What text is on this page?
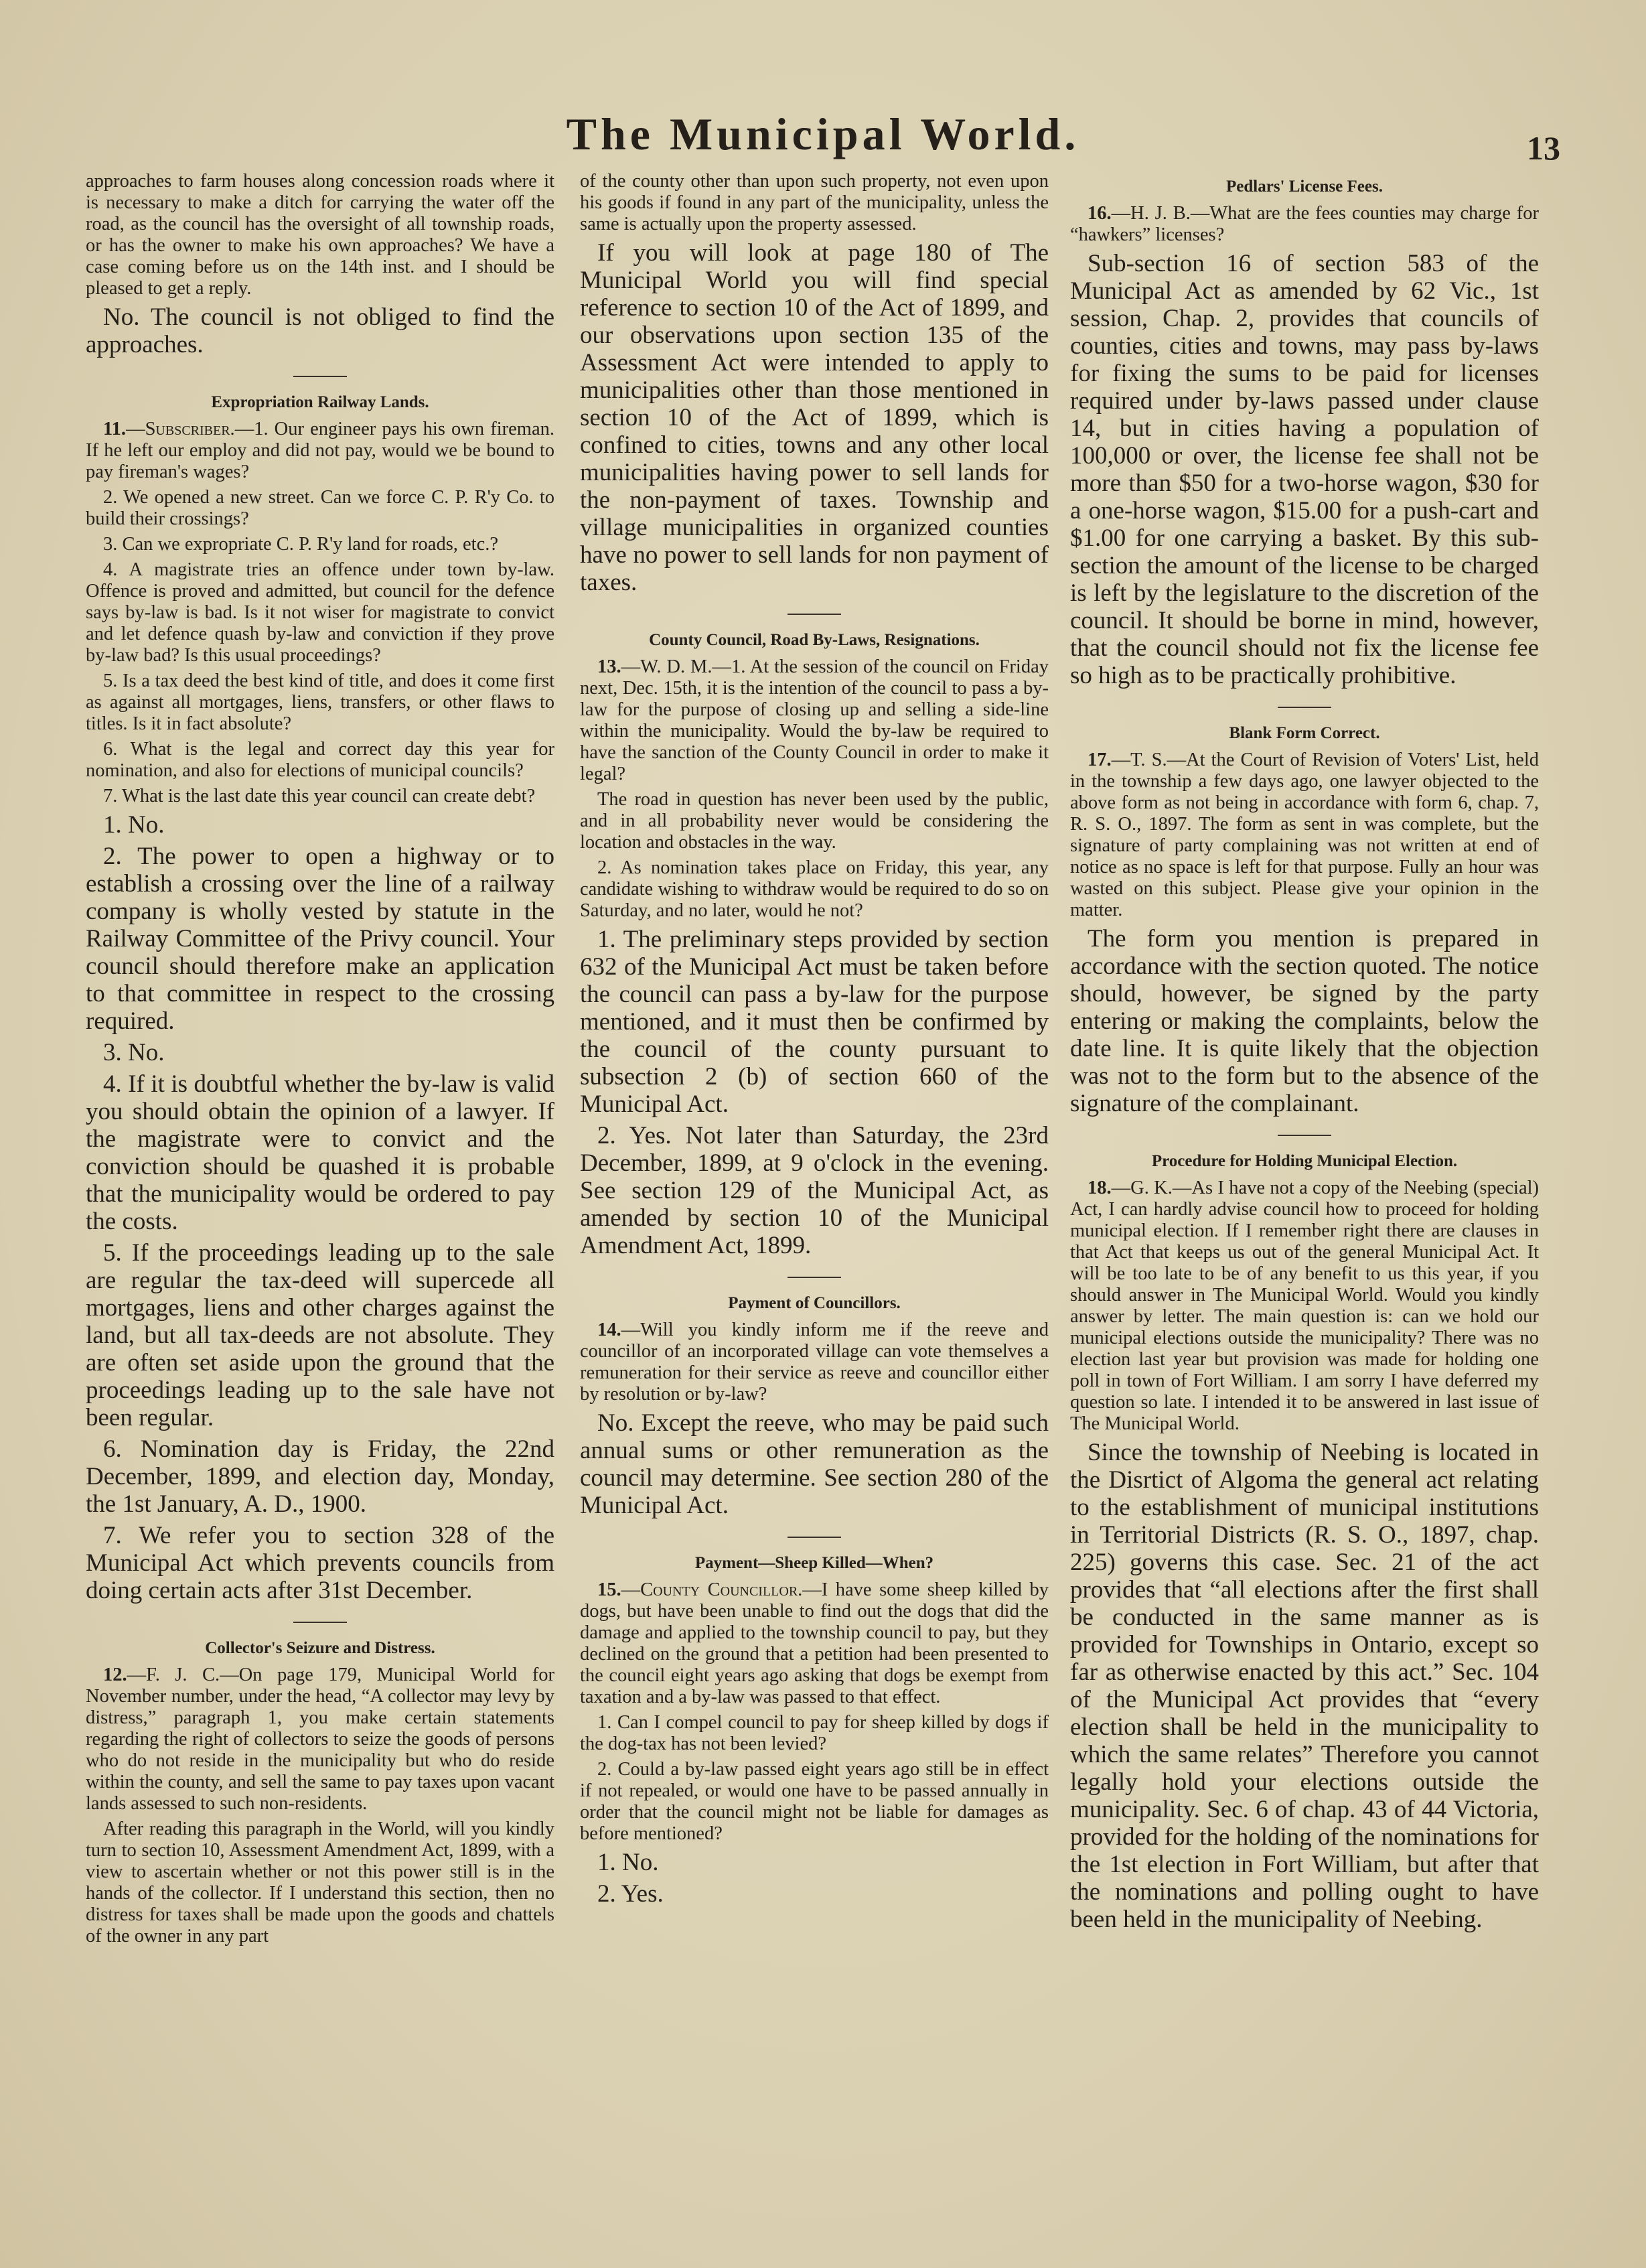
The Municipal World.	13

approaches to farm houses along concession roads where it is necessary to make a ditch for carrying the water off the road, as the council has the oversight of all township roads, or has the owner to make his own approaches? We have a case coming before us on the 14th inst. and I should be pleased to get a reply.

No. The council is not obliged to find the approaches.

Expropriation Railway Lands.

11.—Subscriber.—1. Our engineer pays his own fireman. If he left our employ and did not pay, would we be bound to pay fireman's wages?

2. We opened a new street. Can we force C. P. R'y Co. to build their crossings?

3. Can we expropriate C. P. R'y land for roads, etc.?

4. A magistrate tries an offence under town by-law. Offence is proved and admitted, but council for the defence says by-law is bad. Is it not wiser for magistrate to convict and let defence quash by-law and conviction if they prove by-law bad? Is this usual proceedings?

5. Is a tax deed the best kind of title, and does it come first as against all mortgages, liens, transfers, or other flaws to titles. Is it in fact absolute?

6. What is the legal and correct day this year for nomination, and also for elections of municipal councils?

7. What is the last date this year council can create debt?

1. No.

2. The power to open a highway or to establish a crossing over the line of a railway company is wholly vested by statute in the Railway Committee of the Privy council. Your council should therefore make an application to that committee in respect to the crossing required.

3. No.

4. If it is doubtful whether the by-law is valid you should obtain the opinion of a lawyer. If the magistrate were to convict and the conviction should be quashed it is probable that the municipality would be ordered to pay the costs.

5. If the proceedings leading up to the sale are regular the tax-deed will supercede all mortgages, liens and other charges against the land, but all tax-deeds are not absolute. They are often set aside upon the ground that the proceedings leading up to the sale have not been regular.

6. Nomination day is Friday, the 22nd December, 1899, and election day, Monday, the 1st January, A. D., 1900.

7. We refer you to section 328 of the Municipal Act which prevents councils from doing certain acts after 31st December.

Collector's Seizure and Distress.

12.—F. J. C.—On page 179, Municipal World for November number, under the head, “A collector may levy by distress,” paragraph 1, you make certain statements regarding the right of collectors to seize the goods of persons who do not reside in the municipality but who do reside within the county, and sell the same to pay taxes upon vacant lands assessed to such non-residents.

After reading this paragraph in the World, will you kindly turn to section 10, Assessment Amendment Act, 1899, with a view to ascertain whether or not this power still is in the hands of the collector. If I understand this section, then no distress for taxes shall be made upon the goods and chattels of the owner in any part

of the county other than upon such property, not even upon his goods if found in any part of the municipality, unless the same is actually upon the property assessed.

If you will look at page 180 of The Municipal World you will find special reference to section 10 of the Act of 1899, and our observations upon section 135 of the Assessment Act were intended to apply to municipalities other than those mentioned in section 10 of the Act of 1899, which is confined to cities, towns and any other local municipalities having power to sell lands for the non-payment of taxes. Township and village municipalities in organized counties have no power to sell lands for non payment of taxes.

County Council, Road By-Laws, Resignations.

13.—W. D. M.—1. At the session of the council on Friday next, Dec. 15th, it is the intention of the council to pass a by-law for the purpose of closing up and selling a side-line within the municipality. Would the by-law be required to have the sanction of the County Council in order to make it legal?

The road in question has never been used by the public, and in all probability never would be considering the location and obstacles in the way.

2. As nomination takes place on Friday, this year, any candidate wishing to withdraw would be required to do so on Saturday, and no later, would he not?

1. The preliminary steps provided by section 632 of the Municipal Act must be taken before the council can pass a by-law for the purpose mentioned, and it must then be confirmed by the council of the county pursuant to subsection 2 (b) of section 660 of the Municipal Act.

2. Yes. Not later than Saturday, the 23rd December, 1899, at 9 o'clock in the evening. See section 129 of the Municipal Act, as amended by section 10 of the Municipal Amendment Act, 1899.

Payment of Councillors.

14.—Will you kindly inform me if the reeve and councillor of an incorporated village can vote themselves a remuneration for their service as reeve and councillor either by resolution or by-law?

No. Except the reeve, who may be paid such annual sums or other remuneration as the council may determine. See section 280 of the Municipal Act.

Payment—Sheep Killed—When?

15.—County Councillor.—I have some sheep killed by dogs, but have been unable to find out the dogs that did the damage and applied to the township council to pay, but they declined on the ground that a petition had been presented to the council eight years ago asking that dogs be exempt from taxation and a by-law was passed to that effect.

1. Can I compel council to pay for sheep killed by dogs if the dog-tax has not been levied?

2. Could a by-law passed eight years ago still be in effect if not repealed, or would one have to be passed annually in order that the council might not be liable for damages as before mentioned?

1. No.

2. Yes.

Pedlars' License Fees.

16.—H. J. B.—What are the fees counties may charge for “hawkers” licenses?

Sub-section 16 of section 583 of the Municipal Act as amended by 62 Vic., 1st session, Chap. 2, provides that councils of counties, cities and towns, may pass by-laws for fixing the sums to be paid for licenses required under by-laws passed under clause 14, but in cities having a population of 100,000 or over, the license fee shall not be more than $50 for a two-horse wagon, $30 for a one-horse wagon, $15.00 for a push-cart and $1.00 for one carrying a basket. By this sub-section the amount of the license to be charged is left by the legislature to the discretion of the council. It should be borne in mind, however, that the council should not fix the license fee so high as to be practically prohibitive.

Blank Form Correct.

17.—T. S.—At the Court of Revision of Voters' List, held in the township a few days ago, one lawyer objected to the above form as not being in accordance with form 6, chap. 7, R. S. O., 1897. The form as sent in was complete, but the signature of party complaining was not written at end of notice as no space is left for that purpose. Fully an hour was wasted on this subject. Please give your opinion in the matter.

The form you mention is prepared in accordance with the section quoted. The notice should, however, be signed by the party entering or making the complaints, below the date line. It is quite likely that the objection was not to the form but to the absence of the signature of the complainant.

Procedure for Holding Municipal Election.

18.—G. K.—As I have not a copy of the Neebing (special) Act, I can hardly advise council how to proceed for holding municipal election. If I remember right there are clauses in that Act that keeps us out of the general Municipal Act. It will be too late to be of any benefit to us this year, if you should answer in The Municipal World. Would you kindly answer by letter. The main question is: can we hold our municipal elections outside the municipality? There was no election last year but provision was made for holding one poll in town of Fort William. I am sorry I have deferred my question so late. I intended it to be answered in last issue of The Municipal World.

Since the township of Neebing is located in the Disrtict of Algoma the general act relating to the establishment of municipal institutions in Territorial Districts (R. S. O., 1897, chap. 225) governs this case. Sec. 21 of the act provides that “all elections after the first shall be conducted in the same manner as is provided for Townships in Ontario, except so far as otherwise enacted by this act.” Sec. 104 of the Municipal Act provides that “every election shall be held in the municipality to which the same relates” Therefore you cannot legally hold your elections outside the municipality. Sec. 6 of chap. 43 of 44 Victoria, provided for the holding of the nominations for the 1st election in Fort William, but after that the nominations and polling ought to have been held in the municipality of Neebing.
